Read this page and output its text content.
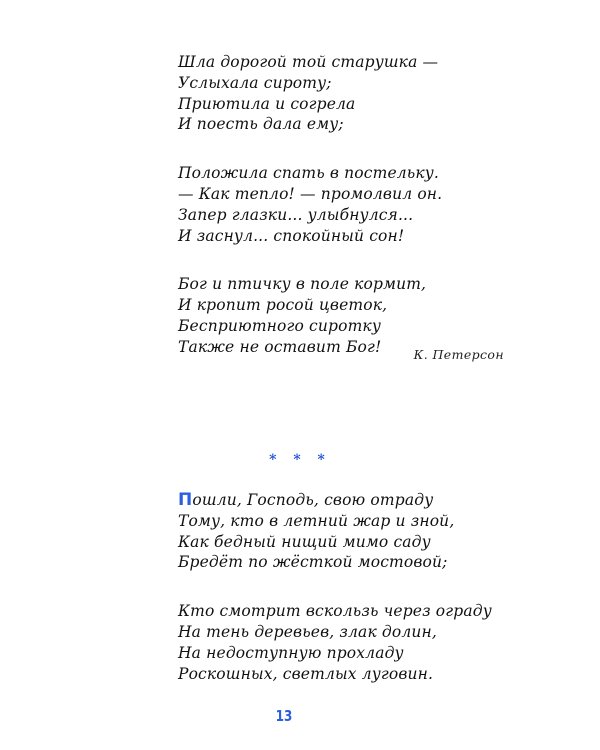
Шла дорогой той старушка —
Услыхала сироту;
Приютила и согрела
И поесть дала ему;
Положила спать в постельку.
— Как тепло! — промолвил он.
Запер глазки... улыбнулся...
И заснул... спокойный сон!
Бог и птичку в поле кормит,
И кропит росой цветок,
Бесприютного сиротку
Также не оставит Бог!	К. Петерсон
* * *
Пошли, Господь, свою отраду
Тому, кто в летний жар и зной,
Как бедный нищий мимо саду
Бредёт по жёсткой мостовой;
Кто смотрит вскользь через ограду
На тень деревьев, злак долин,
На недоступную прохладу
Роскошных, светлых луговин.
13
